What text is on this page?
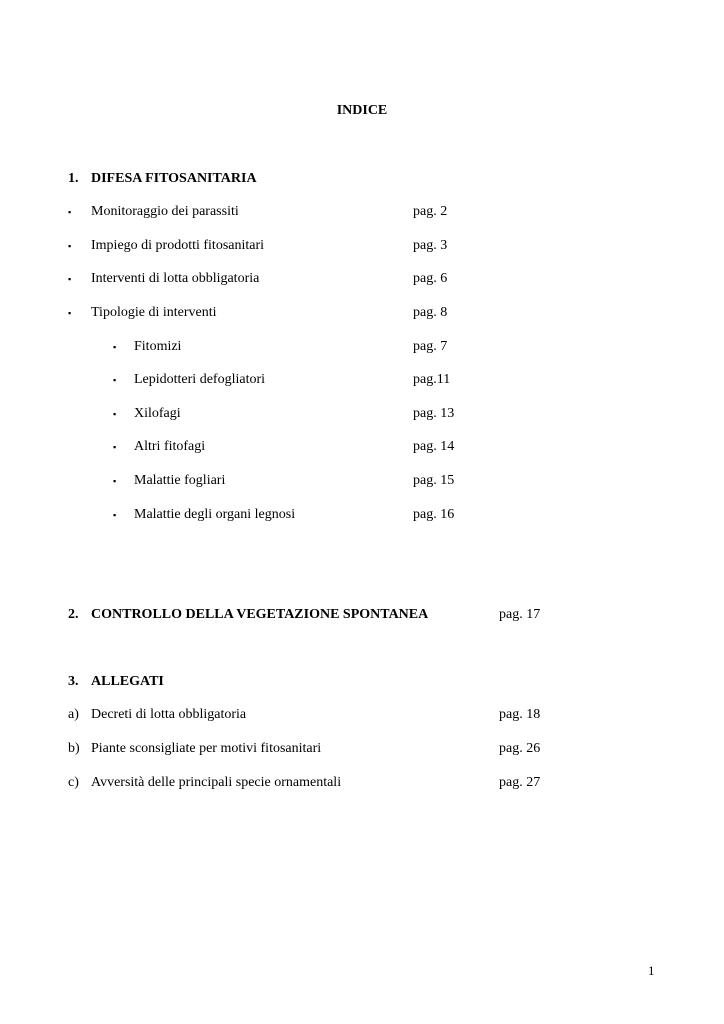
INDICE
1. DIFESA FITOSANITARIA
▪ Monitoraggio dei parassiti	pag. 2
▪ Impiego di prodotti fitosanitari	pag. 3
▪ Interventi di lotta obbligatoria	pag. 6
▪ Tipologie di interventi	pag. 8
▪ Fitomizi	pag. 7
▪ Lepidotteri defogliatori	pag.11
▪ Xilofagi	pag. 13
▪ Altri fitofagi	pag. 14
▪ Malattie fogliari	pag. 15
▪ Malattie degli organi legnosi	pag. 16
2. CONTROLLO DELLA VEGETAZIONE SPONTANEA	pag. 17
3. ALLEGATI
a) Decreti di lotta obbligatoria	pag. 18
b) Piante sconsigliate per motivi fitosanitari	pag. 26
c) Avversità delle principali specie ornamentali	pag. 27
1
